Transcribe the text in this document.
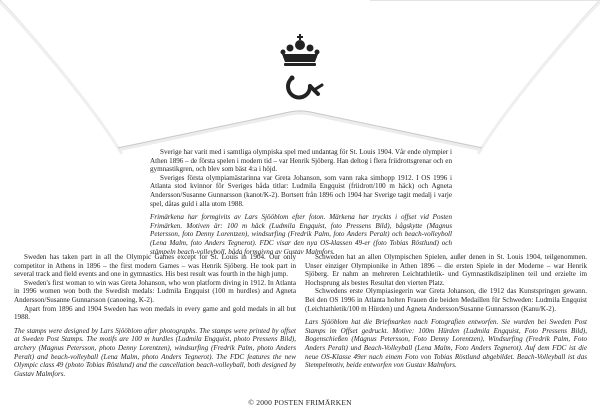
Sverige har varit med i samtliga olympiska spel med undantag för St. Louis 1904. Vår ende olympier i Athen 1896 – de första spelen i modern tid – var Henrik Sjöberg. Han deltog i flera friidrottsgrenar och en gymnastikgren, och blev som bäst 4:a i höjd.

Sveriges första olympiamästarinna var Greta Johanson, som vann raka simhopp 1912. I OS 1996 i Atlanta stod kvinnor för Sveriges båda titlar: Ludmila Engquist (friidrott/100 m häck) och Agneta Andersson/Susanne Gunnarsson (kanot/K-2). Bortsett från 1896 och 1904 har Sverige tagit medalj i varje spel, dåtas guld i alla utom 1988.

Frimärkena har formgivits av Lars Sjööblom efter foton. Märkena har tryckts i offset vid Posten Frimärken. Motiven är: 100 m häck (Ludmila Engquist, foto Pressens Bild), bågskytte (Magnus Petersson, foto Denny Lorentzen), windsurfing (Fredrik Palm, foto Anders Peralt) och beach-volleyboll (Lena Malm, foto Anders Tegnerot). FDC visar den nya OS-klassen 49-er (foto Tobias Röstlund) och stämpeln beach-volleyboll, båda formgivna av Gustav Malmfors.

Sweden has taken part in all the Olympic Games except for St. Louis in 1904. Our only competitor in Athens in 1896 – the first modern Games – was Henrik Sjöberg. He took part in several track and field events and one in gymnastics. His best result was fourth in the high jump.

Sweden's first woman to win was Greta Johanson, who won platform diving in 1912. In Atlanta in 1996 women won both the Swedish medals: Ludmila Engquist (100 m hurdles) and Agneta Andersson/Susanne Gunnarsson (canoeing, K-2).

Apart from 1896 and 1904 Sweden has won medals in every game and gold medals in all but 1988.

The stamps were designed by Lars Sjööblom after photographs. The stamps were printed by offset at Sweden Post Stamps. The motifs are 100 m hurdles (Ludmila Engquist, photo Pressens Bild), archery (Magnus Petersson, photo Denny Lorentzen), windsurfing (Fredrik Palm, photo Anders Peralt) and beach-volleyball (Lena Malm, photo Anders Tegnerot). The FDC features the new Olympic class 49 (photo Tobias Röstlund) and the cancellation beach-volleyball, both designed by Gustav Malmfors.

Schweden hat an allen Olympischen Spielen, außer denen in St. Louis 1904, teilgenommen. Unser einziger Olympionike in Athen 1896 – die ersten Spiele in der Moderne – war Henrik Sjöberg. Er nahm an mehreren Leichtathletik- und Gymnastikdisziplinen teil und erzielte im Hochsprung als bestes Resultat den vierten Platz.

Schwedens erste Olympiasiegerin war Greta Johanson, die 1912 das Kunstspringen gewann. Bei den OS 1996 in Atlanta holten Frauen die beiden Medaillen für Schweden: Ludmila Engquist (Leichtathletik/100 m Hürden) und Agneta Andersson/Susanne Gunnarsson (Kanu/K-2).

Lars Sjööblom hat die Briefmarken nach Fotografien entworfen. Sie wurden bei Sweden Post Stamps im Offset gedruckt. Motive: 100m Hürden (Ludmila Engquist, Foto Pressens Bild), Bogenschießen (Magnus Petersson, Foto Denny Lorentzen), Windsurfing (Fredrik Palm, Foto Anders Peralt) und Beach-Volleyball (Lena Malm, Foto Anders Tegnerot). Auf dem FDC ist die neue OS-Klasse 49er nach einem Foto von Tobias Röstlund abgebildet. Beach-Volleyball ist das Stempelmotiv, beide entworfen von Gustav Malmfors.

© 2000 POSTEN FRIMÄRKEN
